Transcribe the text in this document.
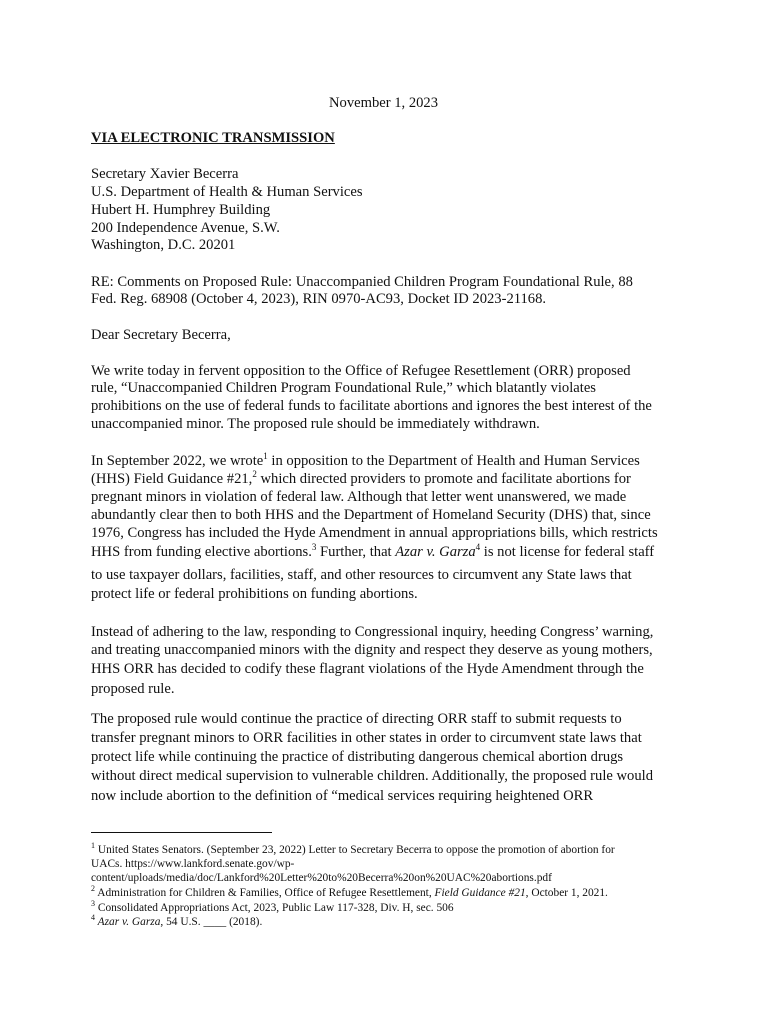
November 1, 2023
VIA ELECTRONIC TRANSMISSION
Secretary Xavier Becerra
U.S. Department of Health & Human Services
Hubert H. Humphrey Building
200 Independence Avenue, S.W.
Washington, D.C. 20201
RE: Comments on Proposed Rule: Unaccompanied Children Program Foundational Rule, 88
Fed. Reg. 68908 (October 4, 2023), RIN 0970-AC93, Docket ID 2023-21168.
Dear Secretary Becerra,
We write today in fervent opposition to the Office of Refugee Resettlement (ORR) proposed
rule, “Unaccompanied Children Program Foundational Rule,” which blatantly violates
prohibitions on the use of federal funds to facilitate abortions and ignores the best interest of the
unaccompanied minor. The proposed rule should be immediately withdrawn.
In September 2022, we wrote$^1$ in opposition to the Department of Health and Human Services
(HHS) Field Guidance #21,$^2$ which directed providers to promote and facilitate abortions for
pregnant minors in violation of federal law. Although that letter went unanswered, we made
abundantly clear then to both HHS and the Department of Homeland Security (DHS) that, since
1976, Congress has included the Hyde Amendment in annual appropriations bills, which restricts
HHS from funding elective abortions.$^3$ Further, that Azar v. Garza$^4$ is not license for federal staff
to use taxpayer dollars, facilities, staff, and other resources to circumvent any State laws that
protect life or federal prohibitions on funding abortions.
Instead of adhering to the law, responding to Congressional inquiry, heeding Congress’ warning,
and treating unaccompanied minors with the dignity and respect they deserve as young mothers,
HHS ORR has decided to codify these flagrant violations of the Hyde Amendment through the
proposed rule.
The proposed rule would continue the practice of directing ORR staff to submit requests to
transfer pregnant minors to ORR facilities in other states in order to circumvent state laws that
protect life while continuing the practice of distributing dangerous chemical abortion drugs
without direct medical supervision to vulnerable children. Additionally, the proposed rule would
now include abortion to the definition of “medical services requiring heightened ORR
$^1$ United States Senators. (September 23, 2022) Letter to Secretary Becerra to oppose the promotion of abortion for
UACs. https://www.lankford.senate.gov/wp-
content/uploads/media/doc/Lankford%20Letter%20to%20Becerra%20on%20UAC%20abortions.pdf
$^2$ Administration for Children & Families, Office of Refugee Resettlement, Field Guidance #21, October 1, 2021.
$^3$ Consolidated Appropriations Act, 2023, Public Law 117-328, Div. H, sec. 506
$^4$ Azar v. Garza, 54 U.S. ____ (2018).
